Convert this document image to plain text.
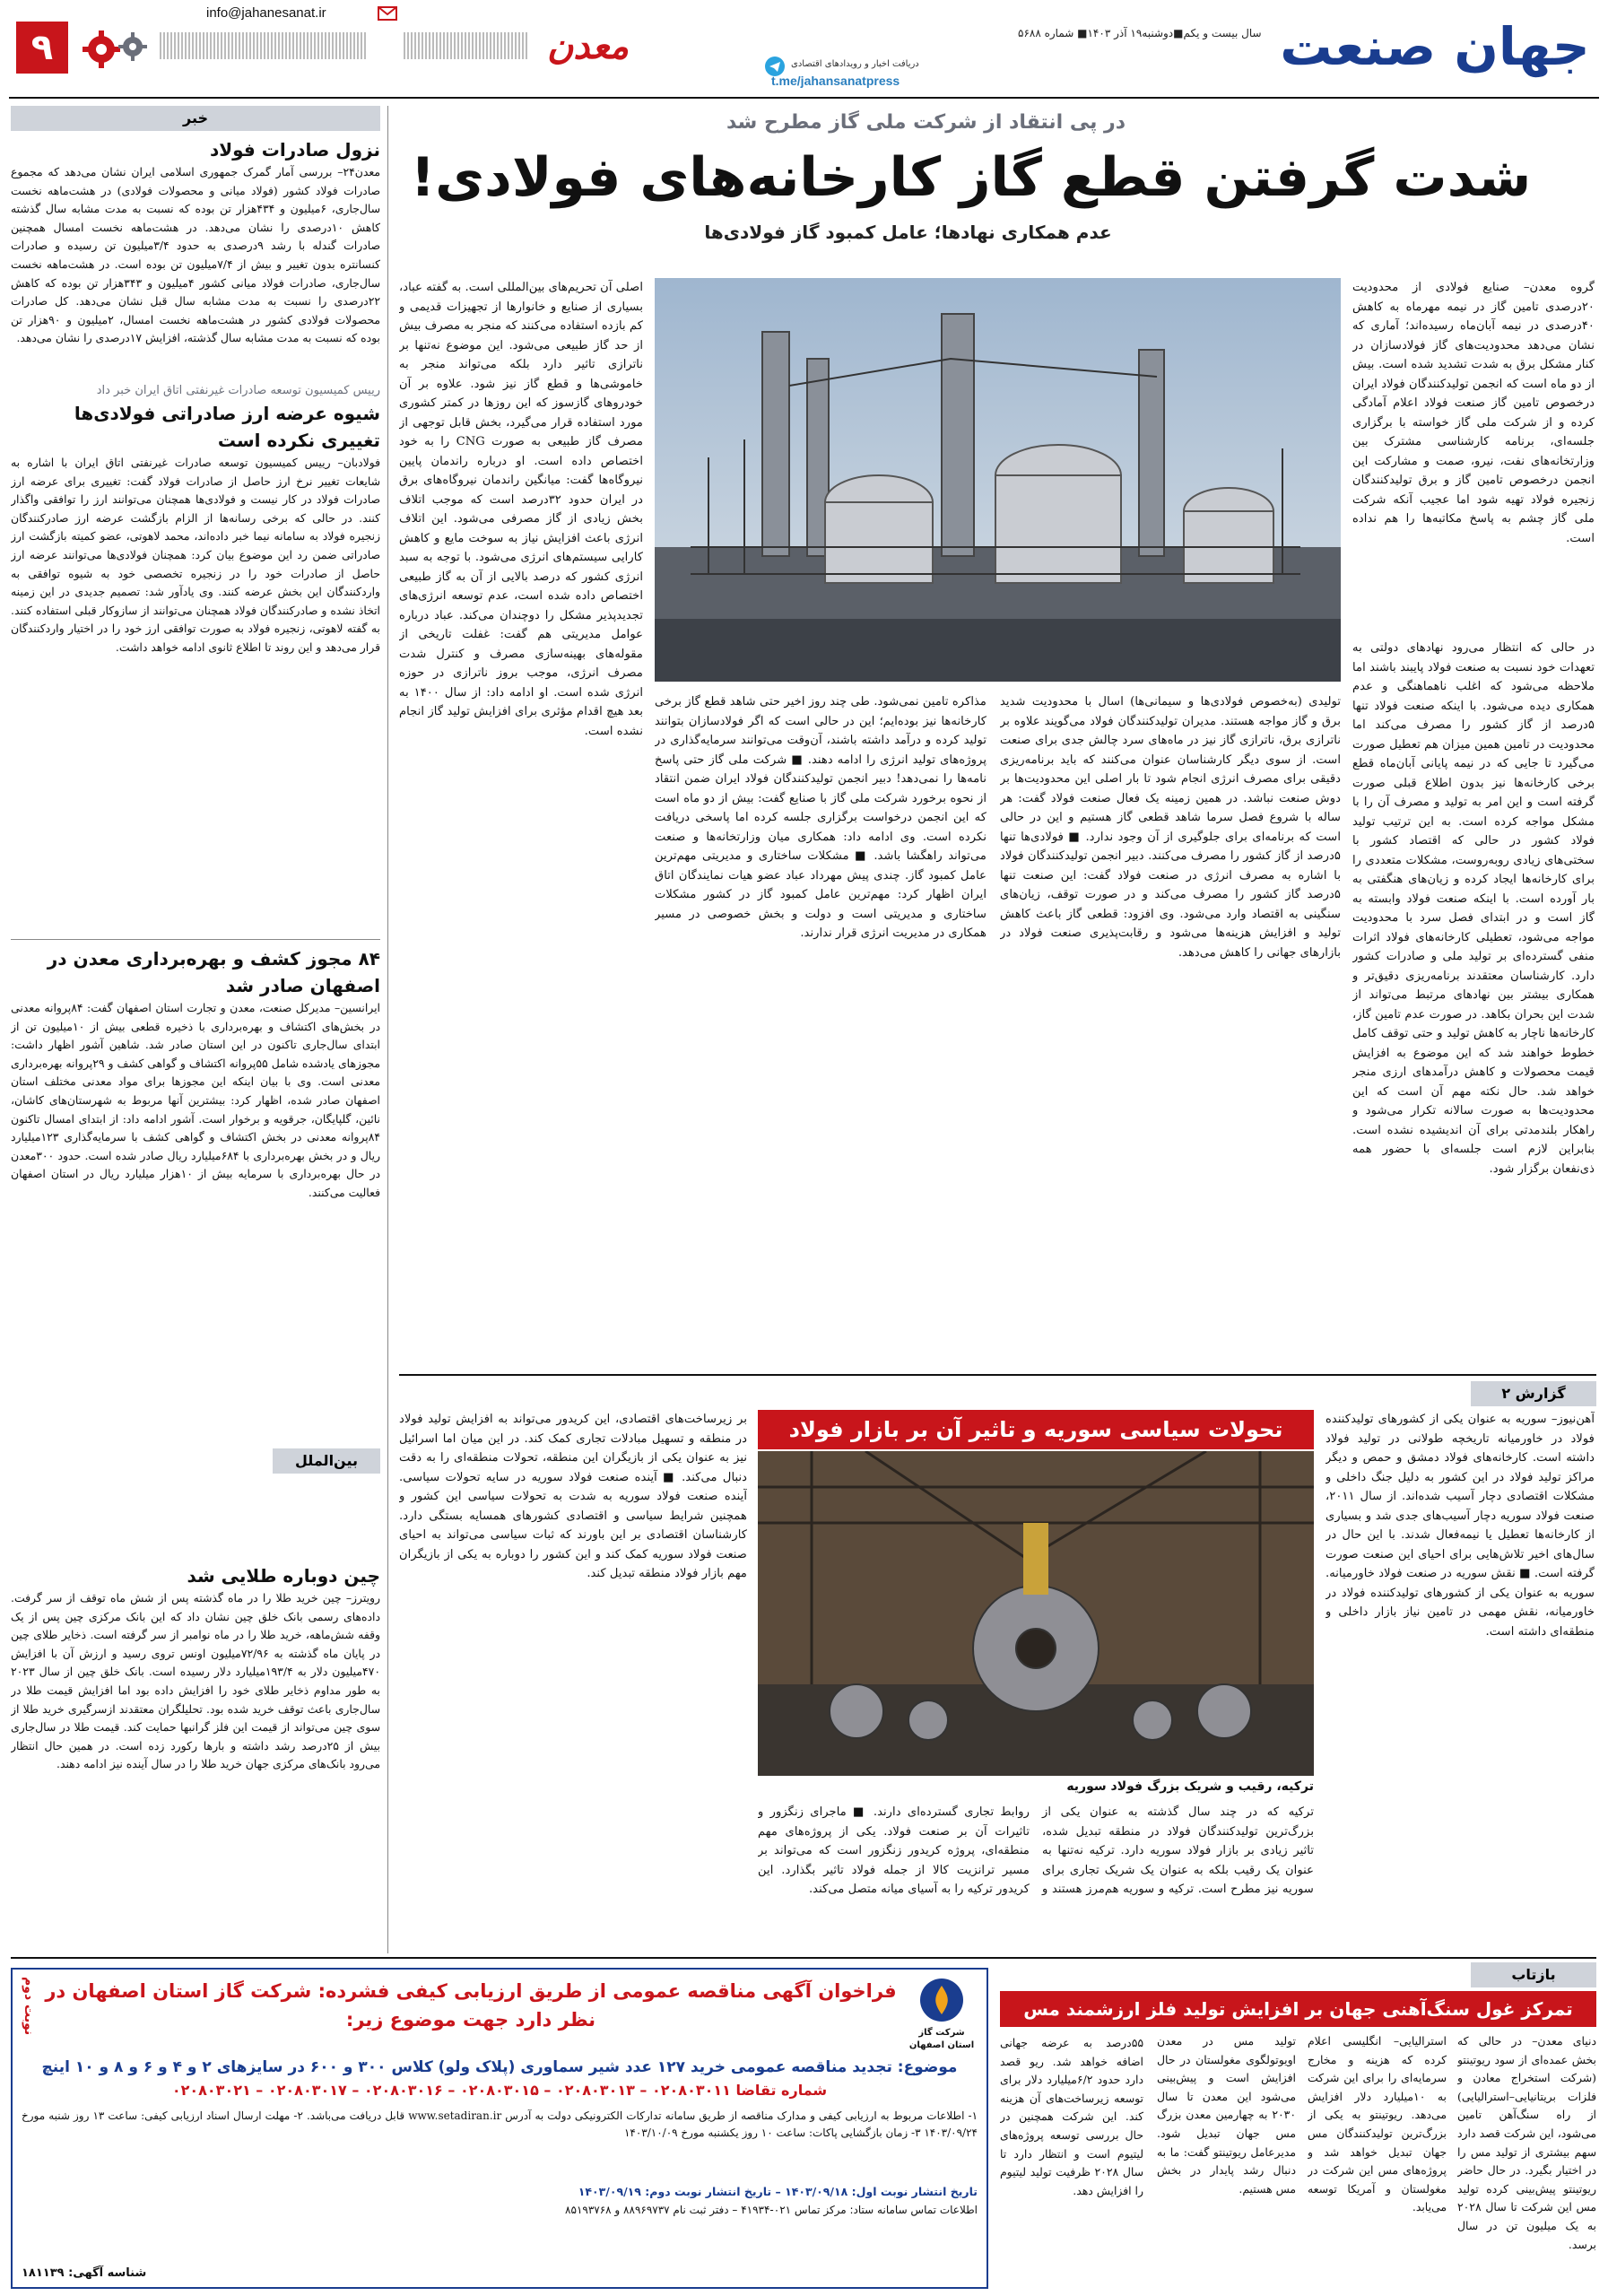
۹
info@jahanesanat.ir
معدن	دریافت اخبار و رویدادهای اقتصادی
t.me/jahansanatpress
سال بیست و یکم■دوشنبه۱۹ آذر ۱۴۰۳■ شماره ۵۶۸۸ جهان صنعت
خبر
نزول صادرات فولاد
معدن۲۴– بررسی آمار گمرک جمهوری اسلامی ایران نشان می‌دهد که مجموع صادرات فولاد کشور (فولاد میانی و محصولات فولادی) در هشت‌ماهه نخست سال‌جاری، ۶میلیون و ۴۳۴هزار تن بوده که نسبت به مدت مشابه سال گذشته کاهش ۱۰درصدی را نشان می‌دهد. در هشت‌ماهه نخست امسال همچنین صادرات گندله با رشد ۹درصدی به حدود ۳/۴میلیون تن رسیده و صادرات کنسانتره بدون تغییر و بیش از ۷/۴میلیون تن بوده است. در هشت‌ماهه نخست سال‌جاری، صادرات فولاد میانی کشور ۴میلیون و ۳۴۳هزار تن بوده که کاهش ۲۲درصدی را نسبت به مدت مشابه سال قبل نشان می‌دهد. کل صادرات محصولات فولادی کشور در هشت‌ماهه نخست امسال، ۲میلیون و ۹۰هزار تن بوده که نسبت به مدت مشابه سال گذشته، افزایش ۱۷درصدی را نشان می‌دهد.
رییس کمیسیون توسعه صادرات غیرنفتی اتاق ایران خبر داد
شیوه عرضه ارز صادراتی فولادی‌ها تغییری نکرده است
فولادبان– رییس کمیسیون توسعه صادرات غیرنفتی اتاق ایران با اشاره به شایعات تغییر نرخ ارز حاصل از صادرات فولاد گفت: تغییری برای عرضه ارز صادرات فولاد در کار نیست و فولادی‌ها همچنان می‌توانند ارز را توافقی واگذار کنند. در حالی که برخی رسانه‌ها از الزام بازگشت عرضه ارز صادرکنندگان زنجیره فولاد به سامانه نیما خبر داده‌اند، محمد لاهوتی، عضو کمیته بازگشت ارز صادراتی ضمن رد این موضوع بیان کرد: همچنان فولادی‌ها می‌توانند عرضه ارز حاصل از صادرات خود را در زنجیره تخصصی خود به شیوه توافقی به واردکنندگان این بخش عرضه کنند. وی یادآور شد: تصمیم جدیدی در این زمینه اتخاذ نشده و صادرکنندگان فولاد همچنان می‌توانند از سازوکار قبلی استفاده کنند. به گفته لاهوتی، زنجیره فولاد به صورت توافقی ارز خود را در اختیار واردکنندگان قرار می‌دهد و این روند تا اطلاع ثانوی ادامه خواهد داشت.
۸۴ مجوز کشف و بهره‌برداری معدن در اصفهان صادر شد
ایرانسین– مدیرکل صنعت، معدن و تجارت استان اصفهان گفت: ۸۴پروانه معدنی در بخش‌های اکتشاف و بهره‌برداری با ذخیره قطعی بیش از ۱۰میلیون تن از ابتدای سال‌جاری تاکنون در این استان صادر شد. شاهین آشور اظهار داشت: مجوزهای یادشده شامل ۵۵پروانه اکتشاف و گواهی کشف و ۲۹پروانه بهره‌برداری معدنی است. وی با بیان اینکه این مجوزها برای مواد معدنی مختلف استان اصفهان صادر شده، اظهار کرد: بیشترین آنها مربوط به شهرستان‌های کاشان، نائین، گلپایگان، جرقویه و برخوار است. آشور ادامه داد: از ابتدای امسال تاکنون ۸۴پروانه معدنی در بخش اکتشاف و گواهی کشف با سرمایه‌گذاری ۱۲۳میلیارد ریال و در بخش بهره‌برداری با ۶۸۴میلیارد ریال صادر شده است. حدود ۳۰۰معدن در حال بهره‌برداری با سرمایه بیش از ۱۰هزار میلیارد ریال در استان اصفهان فعالیت می‌کنند.
بین‌الملل
چین دوباره طلایی شد
رویترز– چین خرید طلا را در ماه گذشته پس از شش ماه توقف از سر گرفت. داده‌های رسمی بانک خلق چین نشان داد که این بانک مرکزی چین پس از یک وقفه شش‌ماهه، خرید طلا را در ماه نوامبر از سر گرفته است. ذخایر طلای چین در پایان ماه گذشته به ۷۲/۹۶میلیون اونس تروی رسید و ارزش آن با افزایش ۴۷۰میلیون دلار به ۱۹۳/۴میلیارد دلار رسیده است. بانک خلق چین از سال ۲۰۲۳ به طور مداوم ذخایر طلای خود را افزایش داده بود اما افزایش قیمت طلا در سال‌جاری باعث توقف خرید شده بود. تحلیلگران معتقدند ازسرگیری خرید طلا از سوی چین می‌تواند از قیمت این فلز گرانبها حمایت کند. قیمت طلا در سال‌جاری بیش از ۲۵درصد رشد داشته و بارها رکورد زده است. در همین حال انتظار می‌رود بانک‌های مرکزی جهان خرید طلا را در سال آینده نیز ادامه دهند.
در پی انتقاد از شرکت ملی گاز مطرح شد
شدت گرفتن قطع گاز کارخانه‌های فولادی!
عدم همکاری نهادها؛ عامل کمبود گاز فولادی‌ها
گروه معدن– صنایع فولادی از محدودیت ۲۰درصدی تامین گاز در نیمه مهرماه به کاهش ۴۰درصدی در نیمه آبان‌ماه رسیده‌اند؛ آماری که نشان می‌دهد محدودیت‌های گاز فولادسازان در کنار مشکل برق به شدت تشدید شده است. بیش از دو ماه است که انجمن تولیدکنندگان فولاد ایران درخصوص تامین گاز صنعت فولاد اعلام آمادگی کرده و از شرکت ملی گاز خواسته با برگزاری جلسه‌ای، برنامه کارشناسی مشترک بین وزارتخانه‌های نفت، نیرو، صمت و مشارکت این انجمن درخصوص تامین گاز و برق تولیدکنندگان زنجیره فولاد تهیه شود اما عجیب آنکه شرکت ملی گاز چشم به پاسخ مکاتبه‌ها را هم نداده است.
در حالی که انتظار می‌رود نهادهای دولتی به تعهدات خود نسبت به صنعت فولاد پایبند باشند اما ملاحظه می‌شود که اغلب ناهماهنگی و عدم همکاری دیده می‌شود. با اینکه صنعت فولاد تنها ۵درصد از گاز کشور را مصرف می‌کند اما محدودیت در تامین همین میزان هم تعطیل صورت می‌گیرد تا جایی که در نیمه پایانی آبان‌ماه قطع برخی کارخانه‌ها نیز بدون اطلاع قبلی صورت گرفته است و این امر به تولید و مصرف آن را با مشکل مواجه کرده است. به این ترتیب تولید فولاد کشور در حالی که اقتصاد کشور با سختی‌های زیادی روبه‌روست، مشکلات متعددی را برای کارخانه‌ها ایجاد کرده و زیان‌های هنگفتی به بار آورده است. با اینکه صنعت فولاد وابسته به گاز است و در ابتدای فصل سرد با محدودیت مواجه می‌شود، تعطیلی کارخانه‌های فولاد اثرات منفی گسترده‌ای بر تولید ملی و صادرات کشور دارد. کارشناسان معتقدند برنامه‌ریزی دقیق‌تر و همکاری بیشتر بین نهادهای مرتبط می‌تواند از شدت این بحران بکاهد. در صورت عدم تامین گاز، کارخانه‌ها ناچار به کاهش تولید و حتی توقف کامل خطوط خواهند شد که این موضوع به افزایش قیمت محصولات و کاهش درآمدهای ارزی منجر خواهد شد. حال نکته مهم آن است که این محدودیت‌ها به صورت سالانه تکرار می‌شود و راهکار بلندمدتی برای آن اندیشیده نشده است. بنابراین لازم است جلسه‌ای با حضور همه ذی‌نفعان برگزار شود.
اصلی آن تحریم‌های بین‌المللی است. به گفته عباد، بسیاری از صنایع و خانوارها از تجهیزات قدیمی و کم بازده استفاده می‌کنند که منجر به مصرف بیش از حد گاز طبیعی می‌شود. این موضوع نه‌تنها بر ناترازی تاثیر دارد بلکه می‌تواند منجر به خاموشی‌ها و قطع گاز نیز شود. علاوه بر آن خودروهای گازسوز که این روزها در کمتر کشوری مورد استفاده قرار می‌گیرد، بخش قابل توجهی از مصرف گاز طبیعی به صورت CNG را به خود اختصاص داده است. او درباره راندمان پایین نیروگاه‌ها گفت: میانگین راندمان نیروگاه‌های برق در ایران حدود ۳۲درصد است که موجب اتلاف بخش زیادی از گاز مصرفی می‌شود. این اتلاف انرژی باعث افزایش نیاز به سوخت مایع و کاهش کارایی سیستم‌های انرژی می‌شود. با توجه به سبد انرژی کشور که درصد بالایی از آن به گاز طبیعی اختصاص داده شده است، عدم توسعه انرژی‌های تجدیدپذیر مشکل را دوچندان می‌کند. عباد درباره عوامل مدیریتی هم گفت: غفلت تاریخی از مقوله‌های بهینه‌سازی مصرف و کنترل شدت مصرف انرژی، موجب بروز ناترازی در حوزه انرژی شده است. او ادامه داد: از سال ۱۴۰۰ به بعد هیچ اقدام مؤثری برای افزایش تولید گاز انجام نشده است.
مذاکره تامین نمی‌شود. طی چند روز اخیر حتی شاهد قطع گاز برخی کارخانه‌ها نیز بوده‌ایم؛ این در حالی است که اگر فولادسازان بتوانند تولید کرده و درآمد داشته باشند، آن‌وقت می‌توانند سرمایه‌گذاری در پروژه‌های تولید انرژی را ادامه دهند. ■ شرکت ملی گاز حتی پاسخ نامه‌ها را نمی‌دهد! دبیر انجمن تولیدکنندگان فولاد ایران ضمن انتقاد از نحوه برخورد شرکت ملی گاز با صنایع گفت: بیش از دو ماه است که این انجمن درخواست برگزاری جلسه کرده اما پاسخی دریافت نکرده است. وی ادامه داد: همکاری میان وزارتخانه‌ها و صنعت می‌تواند راهگشا باشد. ■ مشکلات ساختاری و مدیریتی مهم‌ترین عامل کمبود گاز. چندی پیش مهرداد عباد عضو هیات نمایندگان اتاق ایران اظهار کرد: مهم‌ترین عامل کمبود گاز در کشور مشکلات ساختاری و مدیریتی است و دولت و بخش خصوصی در مسیر همکاری در مدیریت انرژی قرار ندارند.
تولیدی (به‌خصوص فولادی‌ها و سیمانی‌ها) اسال با محدودیت شدید برق و گاز مواجه هستند. مدیران تولیدکنندگان فولاد می‌گویند علاوه بر ناترازی برق، ناترازی گاز نیز در ماه‌های سرد چالش جدی برای صنعت است. از سوی دیگر کارشناسان عنوان می‌کنند که باید برنامه‌ریزی دقیقی برای مصرف انرژی انجام شود تا بار اصلی این محدودیت‌ها بر دوش صنعت نباشد. در همین زمینه یک فعال صنعت فولاد گفت: هر ساله با شروع فصل سرما شاهد قطعی گاز هستیم و این در حالی است که برنامه‌ای برای جلوگیری از آن وجود ندارد. ■ فولادی‌ها تنها ۵درصد از گاز کشور را مصرف می‌کنند. دبیر انجمن تولیدکنندگان فولاد با اشاره به مصرف انرژی در صنعت فولاد گفت: این صنعت تنها ۵درصد گاز کشور را مصرف می‌کند و در صورت توقف، زیان‌های سنگینی به اقتصاد وارد می‌شود. وی افزود: قطعی گاز باعث کاهش تولید و افزایش هزینه‌ها می‌شود و رقابت‌پذیری صنعت فولاد در بازارهای جهانی را کاهش می‌دهد.
گزارش ۲
تحولات سیاسی سوریه و تاثیر آن بر بازار فولاد
ترکیه، رقیب و شریک بزرگ فولاد سوریه
آهن‌نیوز– سوریه به عنوان یکی از کشورهای تولیدکننده فولاد در خاورمیانه تاریخچه طولانی در تولید فولاد داشته است. کارخانه‌های فولاد دمشق و حمص و دیگر مراکز تولید فولاد در این کشور به دلیل جنگ داخلی و مشکلات اقتصادی دچار آسیب شده‌اند. از سال ۲۰۱۱، صنعت فولاد سوریه دچار آسیب‌های جدی شد و بسیاری از کارخانه‌ها تعطیل یا نیمه‌فعال شدند. با این حال در سال‌های اخیر تلاش‌هایی برای احیای این صنعت صورت گرفته است. ■ نقش سوریه در صنعت فولاد خاورمیانه. سوریه به عنوان یکی از کشورهای تولیدکننده فولاد در خاورمیانه، نقش مهمی در تامین نیاز بازار داخلی و منطقه‌ای داشته است.
ترکیه که در چند سال گذشته به عنوان یکی از بزرگ‌ترین تولیدکنندگان فولاد در منطقه تبدیل شده، تاثیر زیادی بر بازار فولاد سوریه دارد. ترکیه نه‌تنها به عنوان یک رقیب بلکه به عنوان یک شریک تجاری برای سوریه نیز مطرح است. ترکیه و سوریه هم‌مرز هستند و روابط تجاری گسترده‌ای دارند. ■ ماجرای زنگزور و تاثیرات آن بر صنعت فولاد. یکی از پروژه‌های مهم منطقه‌ای، پروژه کریدور زنگزور است که می‌تواند بر مسیر ترانزیت کالا از جمله فولاد تاثیر بگذارد. این کریدور ترکیه را به آسیای میانه متصل می‌کند.
بر زیرساخت‌های اقتصادی، این کریدور می‌تواند به افزایش تولید فولاد در منطقه و تسهیل مبادلات تجاری کمک کند. در این میان اما اسرائیل نیز به عنوان یکی از بازیگران این منطقه، تحولات منطقه‌ای را به دقت دنبال می‌کند. ■ آینده صنعت فولاد سوریه در سایه تحولات سیاسی. آینده صنعت فولاد سوریه به شدت به تحولات سیاسی این کشور و همچنین شرایط سیاسی و اقتصادی کشورهای همسایه بستگی دارد. کارشناسان اقتصادی بر این باورند که ثبات سیاسی می‌تواند به احیای صنعت فولاد سوریه کمک کند و این کشور را دوباره به یکی از بازیگران مهم بازار فولاد منطقه تبدیل کند.
بازتاب
تمرکز غول سنگ‌آهنی جهان بر افزایش تولید فلز ارزشمند مس
دنیای معدن– در حالی که بخش عمده‌ای از سود ریوتینتو (شرکت استخراج معادن و فلزات بریتانیایی–استرالیایی) از راه سنگ‌آهن تامین می‌شود، این شرکت قصد دارد سهم بیشتری از تولید مس را در اختیار بگیرد. در حال حاضر ریوتینتو پیش‌بینی کرده تولید مس این شرکت تا سال ۲۰۲۸ به یک میلیون تن در سال برسد.
استرالیایی– انگلیسی اعلام کرده که هزینه و مخارج سرمایه‌ای را برای این شرکت به ۱۰میلیارد دلار افزایش می‌دهد. ریوتینتو به یکی از بزرگ‌ترین تولیدکنندگان مس جهان تبدیل خواهد شد و پروژه‌های مس این شرکت در مغولستان و آمریکا توسعه می‌یابد.
تولید مس در معدن اویوتولگوی مغولستان در حال افزایش است و پیش‌بینی می‌شود این معدن تا سال ۲۰۳۰ به چهارمین معدن بزرگ مس جهان تبدیل شود. مدیرعامل ریوتینتو گفت: ما به دنبال رشد پایدار در بخش مس هستیم.
۵۵درصد به عرضه جهانی اضافه خواهد شد. ریو قصد دارد حدود ۶/۲میلیارد دلار برای توسعه زیرساخت‌های آن هزینه کند. این شرکت همچنین در حال بررسی توسعه پروژه‌های لیتیوم است و انتظار دارد تا سال ۲۰۲۸ ظرفیت تولید لیتیوم را افزایش دهد.
شرکت گاز استان اصفهان
فراخوان آگهی مناقصه عمومی از طریق ارزیابی کیفی فشرده: شرکت گاز استان اصفهان در نظر دارد جهت موضوع زیر:
نوبت دوم
موضوع: تجدید مناقصه عمومی خرید ۱۲۷ عدد شیر سماوری (پلاک ولو) کلاس ۳۰۰ و ۶۰۰ در سایزهای ۲ و ۴ و ۶ و ۸ و ۱۰ اینچ
شماره تقاضا ۰۲۰۸۰۳۰۱۱ – ۰۲۰۸۰۳۰۱۳ – ۰۲۰۸۰۳۰۱۵ – ۰۲۰۸۰۳۰۱۶ – ۰۲۰۸۰۳۰۱۷ – ۰۲۰۸۰۳۰۲۱
۱- اطلاعات مربوط به ارزیابی کیفی و مدارک مناقصه از طریق سامانه تدارکات الکترونیکی دولت به آدرس www.setadiran.ir قابل دریافت می‌باشد. ۲- مهلت ارسال اسناد ارزیابی کیفی: ساعت ۱۳ روز شنبه مورخ ۱۴۰۳/۰۹/۲۴ ۳- زمان بازگشایی پاکات: ساعت ۱۰ روز یکشنبه مورخ ۱۴۰۳/۱۰/۰۹
تاریخ انتشار نوبت اول: ۱۴۰۳/۰۹/۱۸ – تاریخ انتشار نوبت دوم: ۱۴۰۳/۰۹/۱۹
اطلاعات تماس سامانه ستاد: مرکز تماس ۰۲۱-۴۱۹۳۴ – دفتر ثبت نام ۸۸۹۶۹۷۳۷ و ۸۵۱۹۳۷۶۸
شناسه آگهی: ۱۸۱۱۳۹
